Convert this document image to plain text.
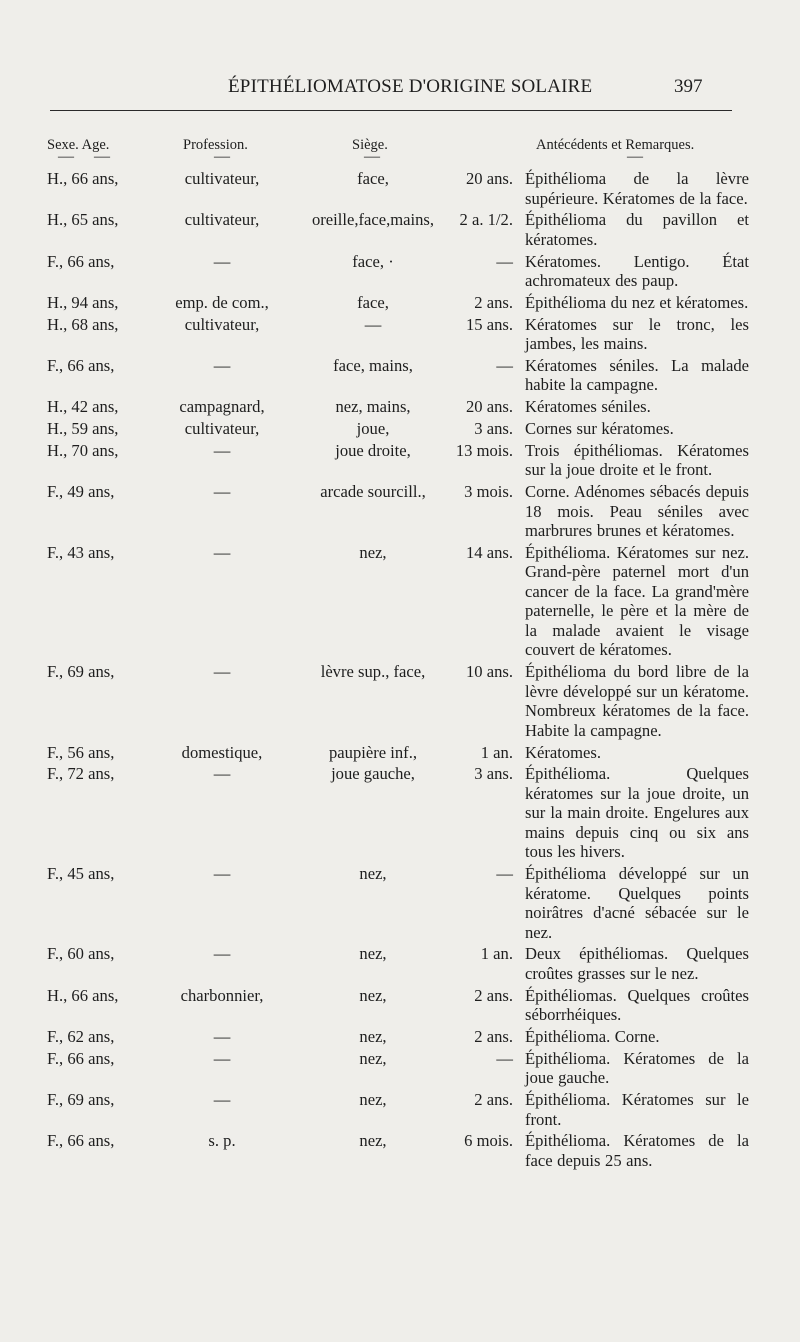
ÉPITHÉLIOMATOSE D'ORIGINE SOLAIRE	397
Sexe. Age.	Profession.	Siège.	Antécédents et Remarques.
— —	—	—	—
H., 66 ans,	cultivateur,	face,	20 ans. Épithélioma de la lèvre supérieure. Kératomes de la face.
H., 65 ans,	cultivateur,	oreille,face,mains, 2 a. 1/2. Épithélioma du pavillon et kératomes.
F., 66 ans,	—	face, ·	— Kératomes. Lentigo. État achromateux des paup.
H., 94 ans,	emp. de com.,	face,	2 ans. Épithélioma du nez et kératomes.
H., 68 ans,	cultivateur,	—	15 ans. Kératomes sur le tronc, les jambes, les mains.
F., 66 ans,	—	face, mains,	— Kératomes séniles. La malade habite la campagne.
H., 42 ans,	campagnard,	nez, mains,	20 ans. Kératomes séniles.
H., 59 ans,	cultivateur,	joue,	3 ans. Cornes sur kératomes.
H., 70 ans,	—	joue droite,	13 mois. Trois épithéliomas. Kératomes sur la joue droite et le front.
F., 49 ans,	—	arcade sourcill., 3 mois. Corne. Adénomes sébacés depuis 18 mois. Peau séniles avec marbrures brunes et kératomes.
F., 43 ans,	—	nez,	14 ans. Épithélioma. Kératomes sur nez. Grand-père paternel mort d'un cancer de la face. La grand'mère paternelle, le père et la mère de la malade avaient le visage couvert de kératomes.
F., 69 ans,	—	lèvre sup., face, 10 ans. Épithélioma du bord libre de la lèvre développé sur un kératome. Nombreux kératomes de la face. Habite la campagne.
F., 56 ans,	domestique,	paupière inf.,	1 an. Kératomes.
F., 72 ans,	—	joue gauche,	3 ans. Épithélioma. Quelques kératomes sur la joue droite, un sur la main droite. Engelures aux mains depuis cinq ou six ans tous les hivers.
F., 45 ans,	—	nez,	— Épithélioma développé sur un kératome. Quelques points noirâtres d'acné sébacée sur le nez.
F., 60 ans,	—	nez,	1 an. Deux épithéliomas. Quelques croûtes grasses sur le nez.
H., 66 ans,	charbonnier,	nez,	2 ans. Épithéliomas. Quelques croûtes séborrhéiques.
F., 62 ans,	—	nez,	2 ans. Épithélioma. Corne.
F., 66 ans,	—	nez,	— Épithélioma. Kératomes de la joue gauche.
F., 69 ans,	—	nez,	2 ans. Épithélioma. Kératomes sur le front.
F., 66 ans,	s. p.	nez,	6 mois. Épithélioma. Kératomes de la face depuis 25 ans.
